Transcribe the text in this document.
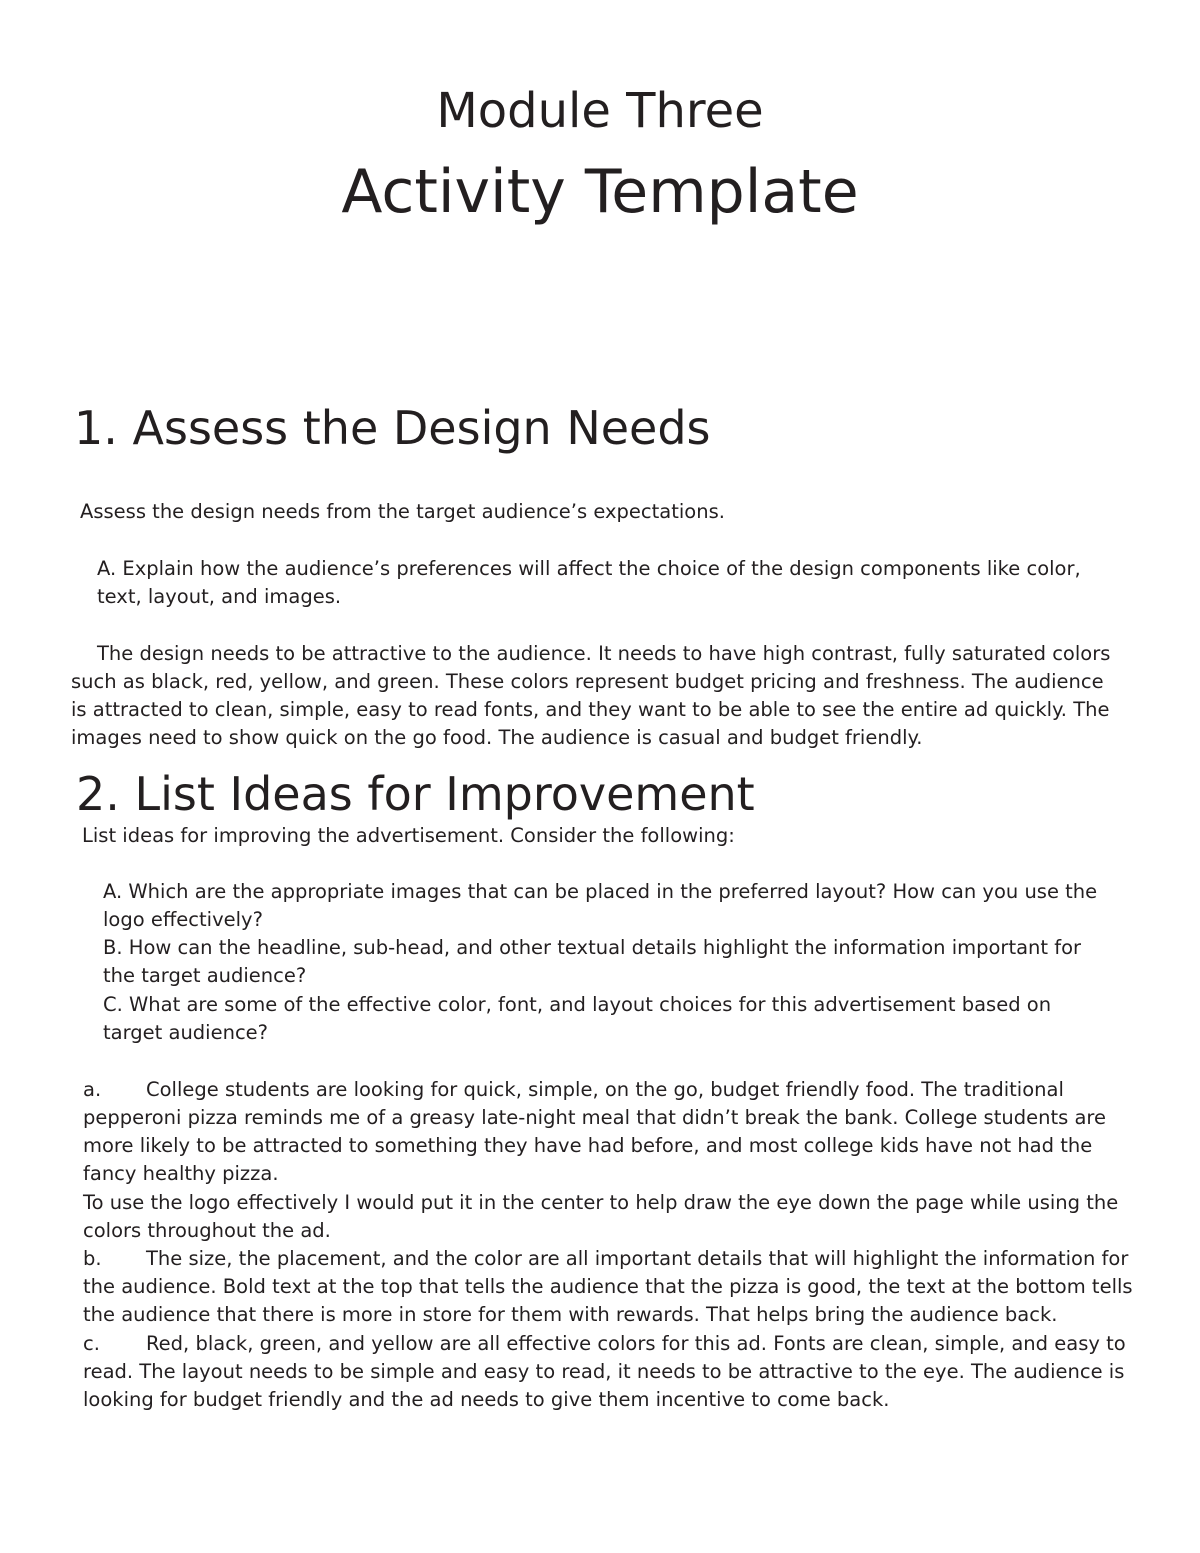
Module Three

Activity Template

1. Assess the Design Needs

Assess the design needs from the target audience’s expectations.

A. Explain how the audience’s preferences will affect the choice of the design components like color,

text, layout, and images.

The design needs to be attractive to the audience. It needs to have high contrast, fully saturated colors

such as black, red, yellow, and green. These colors represent budget pricing and freshness. The audience

is attracted to clean, simple, easy to read fonts, and they want to be able to see the entire ad quickly. The

images need to show quick on the go food. The audience is casual and budget friendly.

2. List Ideas for Improvement

List ideas for improving the advertisement. Consider the following:

A. Which are the appropriate images that can be placed in the preferred layout? How can you use the

logo effectively?

B. How can the headline, sub-head, and other textual details highlight the information important for

the target audience?

C. What are some of the effective color, font, and layout choices for this advertisement based on

target audience?

a. College students are looking for quick, simple, on the go, budget friendly food. The traditional

pepperoni pizza reminds me of a greasy late-night meal that didn’t break the bank. College students are

more likely to be attracted to something they have had before, and most college kids have not had the

fancy healthy pizza.

To use the logo effectively I would put it in the center to help draw the eye down the page while using the

colors throughout the ad.

b. The size, the placement, and the color are all important details that will highlight the information for

the audience. Bold text at the top that tells the audience that the pizza is good, the text at the bottom tells

the audience that there is more in store for them with rewards. That helps bring the audience back.

c. Red, black, green, and yellow are all effective colors for this ad. Fonts are clean, simple, and easy to

read. The layout needs to be simple and easy to read, it needs to be attractive to the eye. The audience is

looking for budget friendly and the ad needs to give them incentive to come back.
